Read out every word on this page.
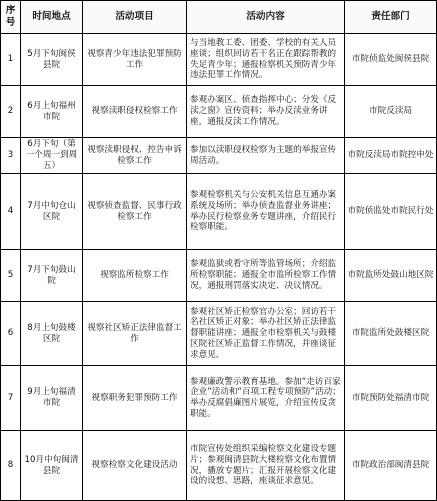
序号	时间地点	活动项目	活动内容	责任部门
1	5月下旬闽侯县院	视察青少年违法犯罪预防工作	与当地教工委、团委、学校的有关人员座谈；组织回访若干名正在跟踪帮教的失足青少年；通报检察机关预防青少年违法犯罪工作情况。	市院侦监处闽侯县院
2	6月上旬福州市院	视察渎职侵权检察工作	参观办案区、侦查指挥中心；分发《反渎之窗》宣传资料；举办反渎业务讲座，通报反渎工作情况。	市院反渎局
3	6月下旬（第一个周一到周五）	视察渎职侵权、控告申诉检察工作	参加以渎职侵权检察为主题的举报宣传周活动。	市院反渎局市院控申处
4	7月中旬仓山区院	视察侦查监督、民事行政检察工作	参观检察机关与公安机关信息互通办案系统及场所；举办侦查监督业务讲座；举办民行检察业务专题讲座，介绍民行检察职能。	市院侦监处市院民行处
5	7月下旬鼓山院	视察监所检察工作	参观监狱或看守所等监管场所；介绍监所检察职能；通报全市监所检察工作情况，通报刑罚落实决定、决议情况。	市院监所处鼓山地区院
6	8月上旬鼓楼区院	视察社区矫正法律监督工作	参观社区矫正检察官办公室；回访若干名社区矫正对象；举办社区矫正法律监督职能讲座；通报全市检察机关与鼓楼区院社区矫正监督工作情况，并座谈征求意见。	市院监所处鼓楼区院
7	9月上旬福清市院	视察职务犯罪预防工作	参观廉政警示教育基地。参加“走访百家企业”活动和“百项工程专项预防”活动；举办反腐倡廉图片展览，介绍宣传反贪职能。	市院预防处福清市院
8	10月中旬闽清县院	视察检察文化建设活动	市院宣传处组织采编检察文化建设专题片；参观闽清县院大楼检察文化布置情况，播放专题片；汇报开展检察文化建设的设想、思路，座谈征求意见。	市院政治部闽清县院
